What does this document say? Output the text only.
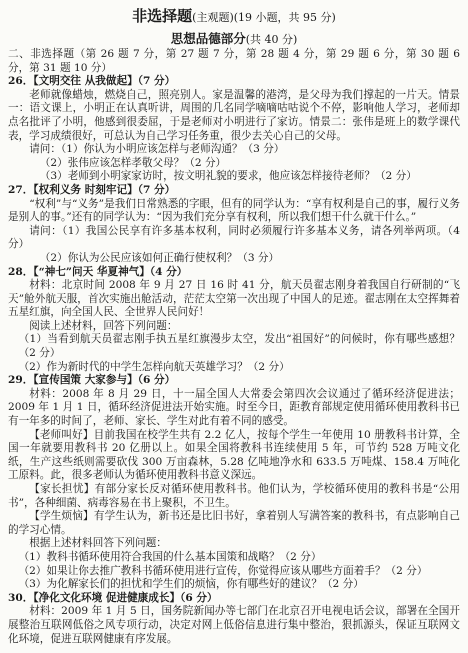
非选择题(主观题)(19 小题，共 95 分)
思想品德部分(共 40 分)

二、非选择题（第 26 题 7 分，第 27 题 7 分，第 28 题 4 分，第 29 题 6 分，第 30 题 6 分，第 31 题 10 分）

26．【文明交往 从我做起】（7 分）

老师就像蜡烛，燃烧自己，照亮别人。家是温馨的港湾，是父母为我们撑起的一片天。情景一：语文课上，小明正在认真听讲，周围的几名同学嘀嘀咕咕说个不停，影响他人学习，老师却点名批评了小明，他感到很委屈，于是老师对小明进行了家访。情景二：张伟是班上的数学课代表，学习成绩很好，可总认为自己学习任务重，很少去关心自己的父母。

请问：（1）你认为小明应该怎样与老师沟通？（3 分）

（2）张伟应该怎样孝敬父母？（2 分）

（3）老师到小明家家访时，按文明礼貌的要求，他应该怎样接待老师？（2 分）

27．【权利义务 时刻牢记】（7 分）

“权利”与“义务”是我们日常熟悉的字眼，但有的同学认为：“享有权利是自己的事，履行义务是别人的事。”还有的同学认为：“因为我们充分享有权利，所以我们想干什么就干什么。”

请问：（1）我国公民享有许多基本权利，同时必须履行许多基本义务，请各列举两项。（4 分）

（2）你认为公民应该如何正确行使权利？（3 分）

28．【“神七”问天 华夏神气】（4 分）

材料：北京时间 2008 年 9 月 27 日 16 时 41 分，航天员翟志刚身着我国自行研制的“飞天”舱外航天服，首次实施出舱活动，茫茫太空第一次出现了中国人的足迹。翟志刚在太空挥舞着五星红旗，向全国人民、全世界人民问好！

阅读上述材料，回答下列问题：

（1）当看到航天员翟志刚手执五星红旗漫步太空，发出“祖国好”的问候时，你有哪些感想？（2 分）

（2）作为新时代的中学生怎样向航天英雄学习？（2 分）

29．【宣传国策 大家参与】（6 分）

材料：2008 年 8 月 29 日，十一届全国人大常委会第四次会议通过了循环经济促进法；2009 年 1 月 1 日，循环经济促进法开始实施。时至今日，距教育部规定使用循环使用教科书已有一年多的时间了，老师、家长、学生对此有着不同的感受。

【老师叫好】目前我国在校学生共有 2.2 亿人，按每个学生一年使用 10 册教科书计算，全国一年就要用教科书 20 亿册以上。如果全国将教科书连续使用 5 年，可节约 528 万吨文化纸，生产这些纸则需要砍伐 300 万亩森林，5.28 亿吨地净水和 633.5 万吨煤、158.4 万吨化工原料。此，很多老师认为循环使用教科书意义深远。

【家长担忧】有部分家长反对循环使用教科书。他们认为，学校循环使用的教科书是“公用书”，各种细菌、病毒容易在书上聚积，不卫生。

【学生烦恼】有学生认为，新书还是比旧书好，拿着别人写满答案的教科书，有点影响自己的学习心情。

根据上述材料回答下列问题：

（1）教科书循环使用符合我国的什么基本国策和战略？（2 分）

（2）如果让你去推广教科书循环使用进行宣传，你觉得应该从哪些方面着手？（2 分）

（3）为化解家长们的担忧和学生们的烦恼，你有哪些好的建议？（2 分）

30．【净化文化环境 促进健康成长】（6 分）

材料：2009 年 1 月 5 日，国务院新闻办等七部门在北京召开电视电话会议，部署在全国开展整治互联网低俗之风专项行动，决定对网上低俗信息进行集中整治，狠抓源头，保证互联网文化环境，促进互联网健康有序发展。
